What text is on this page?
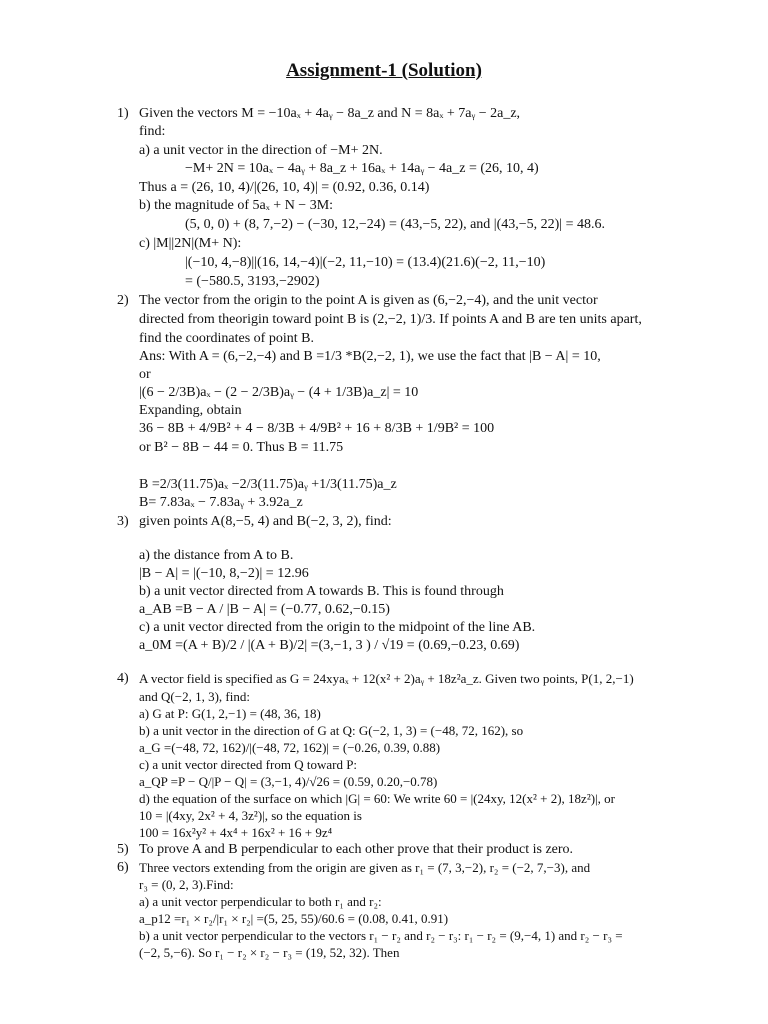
Assignment-1 (Solution)
1)
2)
3)
4)
5)
6)
Given the vectors M = −10aₓ + 4aᵧ − 8a_z and N = 8aₓ + 7aᵧ − 2a_z,
find:
a) a unit vector in the direction of −M+ 2N.
−M+ 2N = 10aₓ − 4aᵧ + 8a_z + 16aₓ + 14aᵧ − 4a_z = (26, 10, 4)
Thus a = (26, 10, 4)/|(26, 10, 4)| = (0.92, 0.36, 0.14)
b) the magnitude of 5aₓ + N − 3M:
(5, 0, 0) + (8, 7,−2) − (−30, 12,−24) = (43,−5, 22), and |(43,−5, 22)| = 48.6.
c) |M||2N|(M+ N):
|(−10, 4,−8)||(16, 14,−4)|(−2, 11,−10) = (13.4)(21.6)(−2, 11,−10)
= (−580.5, 3193,−2902)
The vector from the origin to the point A is given as (6,−2,−4), and the unit vector
directed from theorigin toward point B is (2,−2, 1)/3. If points A and B are ten units apart,
find the coordinates of point B.
Ans: With A = (6,−2,−4) and B =1/3 *B(2,−2, 1), we use the fact that |B − A| = 10,
or
|(6 − 2/3B)aₓ − (2 − 2/3B)aᵧ − (4 + 1/3B)a_z| = 10
Expanding, obtain
36 − 8B + 4/9B² + 4 − 8/3B + 4/9B² + 16 + 8/3B + 1/9B² = 100
or B² − 8B − 44 = 0. Thus B = 11.75
B =2/3(11.75)aₓ −2/3(11.75)aᵧ +1/3(11.75)a_z
B= 7.83aₓ − 7.83aᵧ + 3.92a_z
given points A(8,−5, 4) and B(−2, 3, 2), find:
a) the distance from A to B.
|B − A| = |(−10, 8,−2)| = 12.96
b) a unit vector directed from A towards B. This is found through
a_AB =B − A / |B − A| = (−0.77, 0.62,−0.15)
c) a unit vector directed from the origin to the midpoint of the line AB.
a_0M =(A + B)/2 / |(A + B)/2| =(3,−1, 3 ) / √19 = (0.69,−0.23, 0.69)
A vector field is specified as G = 24xyaₓ + 12(x² + 2)aᵧ + 18z²a_z. Given two points, P(1, 2,−1)
and Q(−2, 1, 3), find:
a) G at P: G(1, 2,−1) = (48, 36, 18)
b) a unit vector in the direction of G at Q: G(−2, 1, 3) = (−48, 72, 162), so
a_G =(−48, 72, 162)/|(−48, 72, 162)| = (−0.26, 0.39, 0.88)
c) a unit vector directed from Q toward P:
a_QP =P − Q/|P − Q| = (3,−1, 4)/√26 = (0.59, 0.20,−0.78)
d) the equation of the surface on which |G| = 60: We write 60 = |(24xy, 12(x² + 2), 18z²)|, or
10 = |(4xy, 2x² + 4, 3z²)|, so the equation is
100 = 16x²y² + 4x⁴ + 16x² + 16 + 9z⁴
To prove A and B perpendicular to each other prove that their product is zero.
Three vectors extending from the origin are given as r₁ = (7, 3,−2), r₂ = (−2, 7,−3), and
r₃ = (0, 2, 3).Find:
a) a unit vector perpendicular to both r₁ and r₂:
a_p12 =r₁ × r₂/|r₁ × r₂| =(5, 25, 55)/60.6 = (0.08, 0.41, 0.91)
b) a unit vector perpendicular to the vectors r₁ − r₂ and r₂ − r₃: r₁ − r₂ = (9,−4, 1) and r₂ − r₃ =
(−2, 5,−6). So r₁ − r₂ × r₂ − r₃ = (19, 52, 32). Then
